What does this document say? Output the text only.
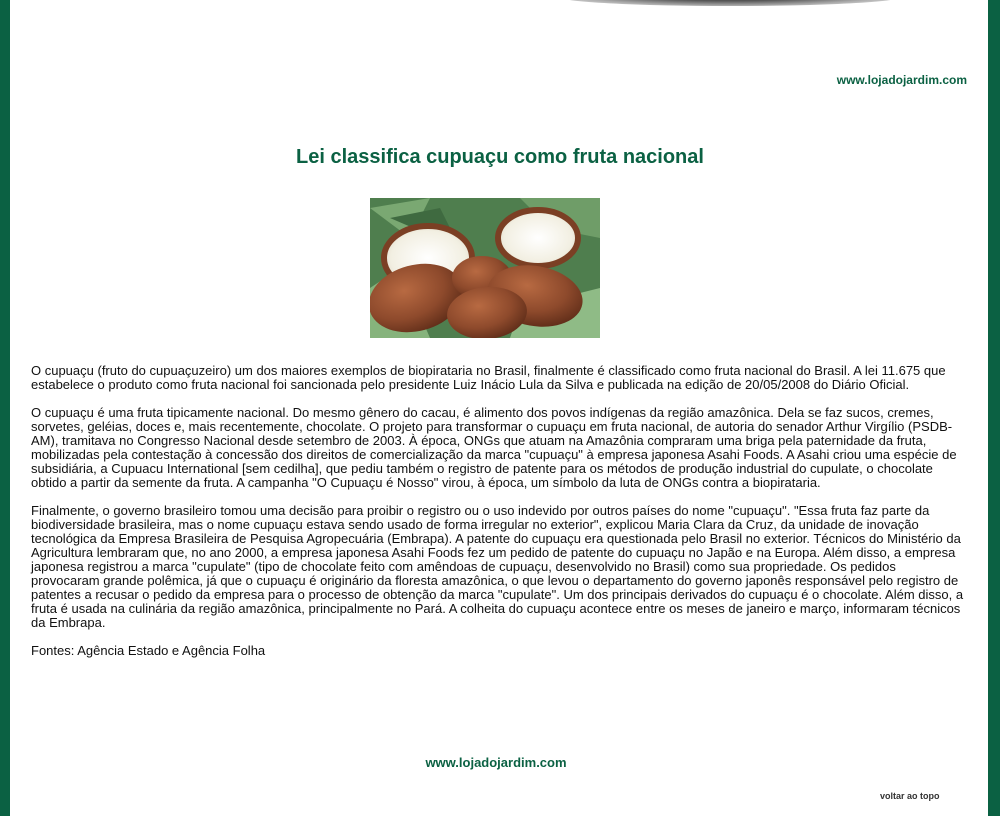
www.lojadojardim.com
Lei classifica cupuaçu como fruta nacional

O cupuaçu (fruto do cupuaçuzeiro) um dos maiores exemplos de biopirataria no Brasil, finalmente é classificado como fruta nacional do Brasil. A lei 11.675 que estabelece o produto como fruta nacional foi sancionada pelo presidente Luiz Inácio Lula da Silva e publicada na edição de 20/05/2008 do Diário Oficial.

O cupuaçu é uma fruta tipicamente nacional. Do mesmo gênero do cacau, é alimento dos povos indígenas da região amazônica. Dela se faz sucos, cremes, sorvetes, geléias, doces e, mais recentemente, chocolate. O projeto para transformar o cupuaçu em fruta nacional, de autoria do senador Arthur Virgílio (PSDB-AM), tramitava no Congresso Nacional desde setembro de 2003. À época, ONGs que atuam na Amazônia compraram uma briga pela paternidade da fruta, mobilizadas pela contestação à concessão dos direitos de comercialização da marca "cupuaçu" à empresa japonesa Asahi Foods. A Asahi criou uma espécie de subsidiária, a Cupuacu International [sem cedilha], que pediu também o registro de patente para os métodos de produção industrial do cupulate, o chocolate obtido a partir da semente da fruta. A campanha "O Cupuaçu é Nosso" virou, à época, um símbolo da luta de ONGs contra a biopirataria.

Finalmente, o governo brasileiro tomou uma decisão para proibir o registro ou o uso indevido por outros países do nome "cupuaçu". "Essa fruta faz parte da biodiversidade brasileira, mas o nome cupuaçu estava sendo usado de forma irregular no exterior", explicou Maria Clara da Cruz, da unidade de inovação tecnológica da Empresa Brasileira de Pesquisa Agropecuária (Embrapa). A patente do cupuaçu era questionada pelo Brasil no exterior. Técnicos do Ministério da Agricultura lembraram que, no ano 2000, a empresa japonesa Asahi Foods fez um pedido de patente do cupuaçu no Japão e na Europa. Além disso, a empresa japonesa registrou a marca "cupulate" (tipo de chocolate feito com amêndoas de cupuaçu, desenvolvido no Brasil) como sua propriedade. Os pedidos provocaram grande polêmica, já que o cupuaçu é originário da floresta amazônica, o que levou o departamento do governo japonês responsável pelo registro de patentes a recusar o pedido da empresa para o processo de obtenção da marca "cupulate". Um dos principais derivados do cupuaçu é o chocolate. Além disso, a fruta é usada na culinária da região amazônica, principalmente no Pará. A colheita do cupuaçu acontece entre os meses de janeiro e março, informaram técnicos da Embrapa.

Fontes: Agência Estado e Agência Folha

www.lojadojardim.com
voltar ao topo
